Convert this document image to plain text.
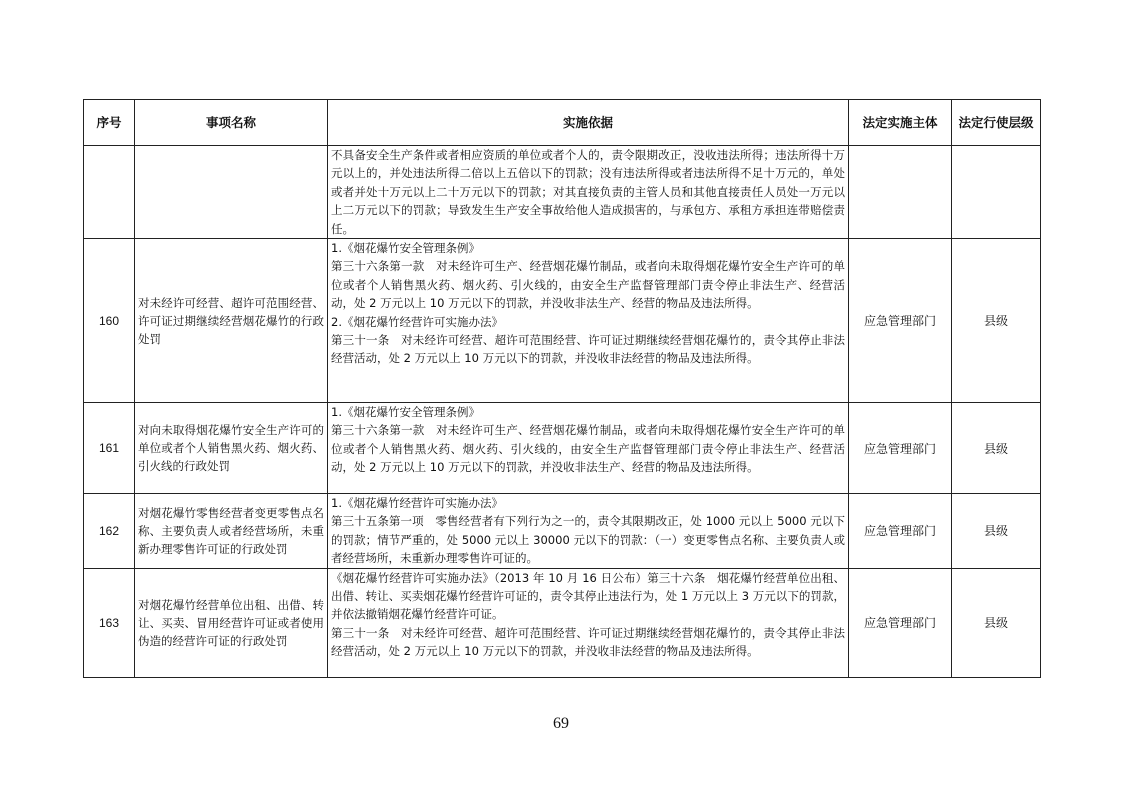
序号	事项名称	实施依据	法定实施主体	法定行使层级

		不具备安全生产条件或者相应资质的单位或者个人的，责令限期改正，没收违法所得；违法所得十万元以上的，并处违法所得二倍以上五倍以下的罚款；没有违法所得或者违法所得不足十万元的，单处或者并处十万元以上二十万元以下的罚款；对其直接负责的主管人员和其他直接责任人员处一万元以上二万元以下的罚款；导致发生生产安全事故给他人造成损害的，与承包方、承租方承担连带赔偿责任。		

160	对未经许可经营、超许可范围经营、许可证过期继续经营烟花爆竹的行政处罚	1.《烟花爆竹安全管理条例》
第三十六条第一款　对未经许可生产、经营烟花爆竹制品，或者向未取得烟花爆竹安全生产许可的单位或者个人销售黑火药、烟火药、引火线的，由安全生产监督管理部门责令停止非法生产、经营活动，处 2 万元以上 10 万元以下的罚款，并没收非法生产、经营的物品及违法所得。
2.《烟花爆竹经营许可实施办法》
第三十一条　对未经许可经营、超许可范围经营、许可证过期继续经营烟花爆竹的，责令其停止非法经营活动，处 2 万元以上 10 万元以下的罚款，并没收非法经营的物品及违法所得。	应急管理部门	县级
161	对向未取得烟花爆竹安全生产许可的单位或者个人销售黑火药、烟火药、引火线的行政处罚	1.《烟花爆竹安全管理条例》
第三十六条第一款　对未经许可生产、经营烟花爆竹制品，或者向未取得烟花爆竹安全生产许可的单位或者个人销售黑火药、烟火药、引火线的，由安全生产监督管理部门责令停止非法生产、经营活动，处 2 万元以上 10 万元以下的罚款，并没收非法生产、经营的物品及违法所得。	应急管理部门	县级
162	对烟花爆竹零售经营者变更零售点名称、主要负责人或者经营场所，未重新办理零售许可证的行政处罚	1.《烟花爆竹经营许可实施办法》
第三十五条第一项　零售经营者有下列行为之一的，责令其限期改正，处 1000 元以上 5000 元以下的罚款；情节严重的，处 5000 元以上 30000 元以下的罚款：（一）变更零售点名称、主要负责人或者经营场所，未重新办理零售许可证的。	应急管理部门	县级
163	对烟花爆竹经营单位出租、出借、转让、买卖、冒用经营许可证或者使用伪造的经营许可证的行政处罚	《烟花爆竹经营许可实施办法》（2013 年 10 月 16 日公布）第三十六条　烟花爆竹经营单位出租、出借、转让、买卖烟花爆竹经营许可证的，责令其停止违法行为，处 1 万元以上 3 万元以下的罚款，并依法撤销烟花爆竹经营许可证。
第三十一条　对未经许可经营、超许可范围经营、许可证过期继续经营烟花爆竹的，责令其停止非法经营活动，处 2 万元以上 10 万元以下的罚款，并没收非法经营的物品及违法所得。	应急管理部门	县级
69
